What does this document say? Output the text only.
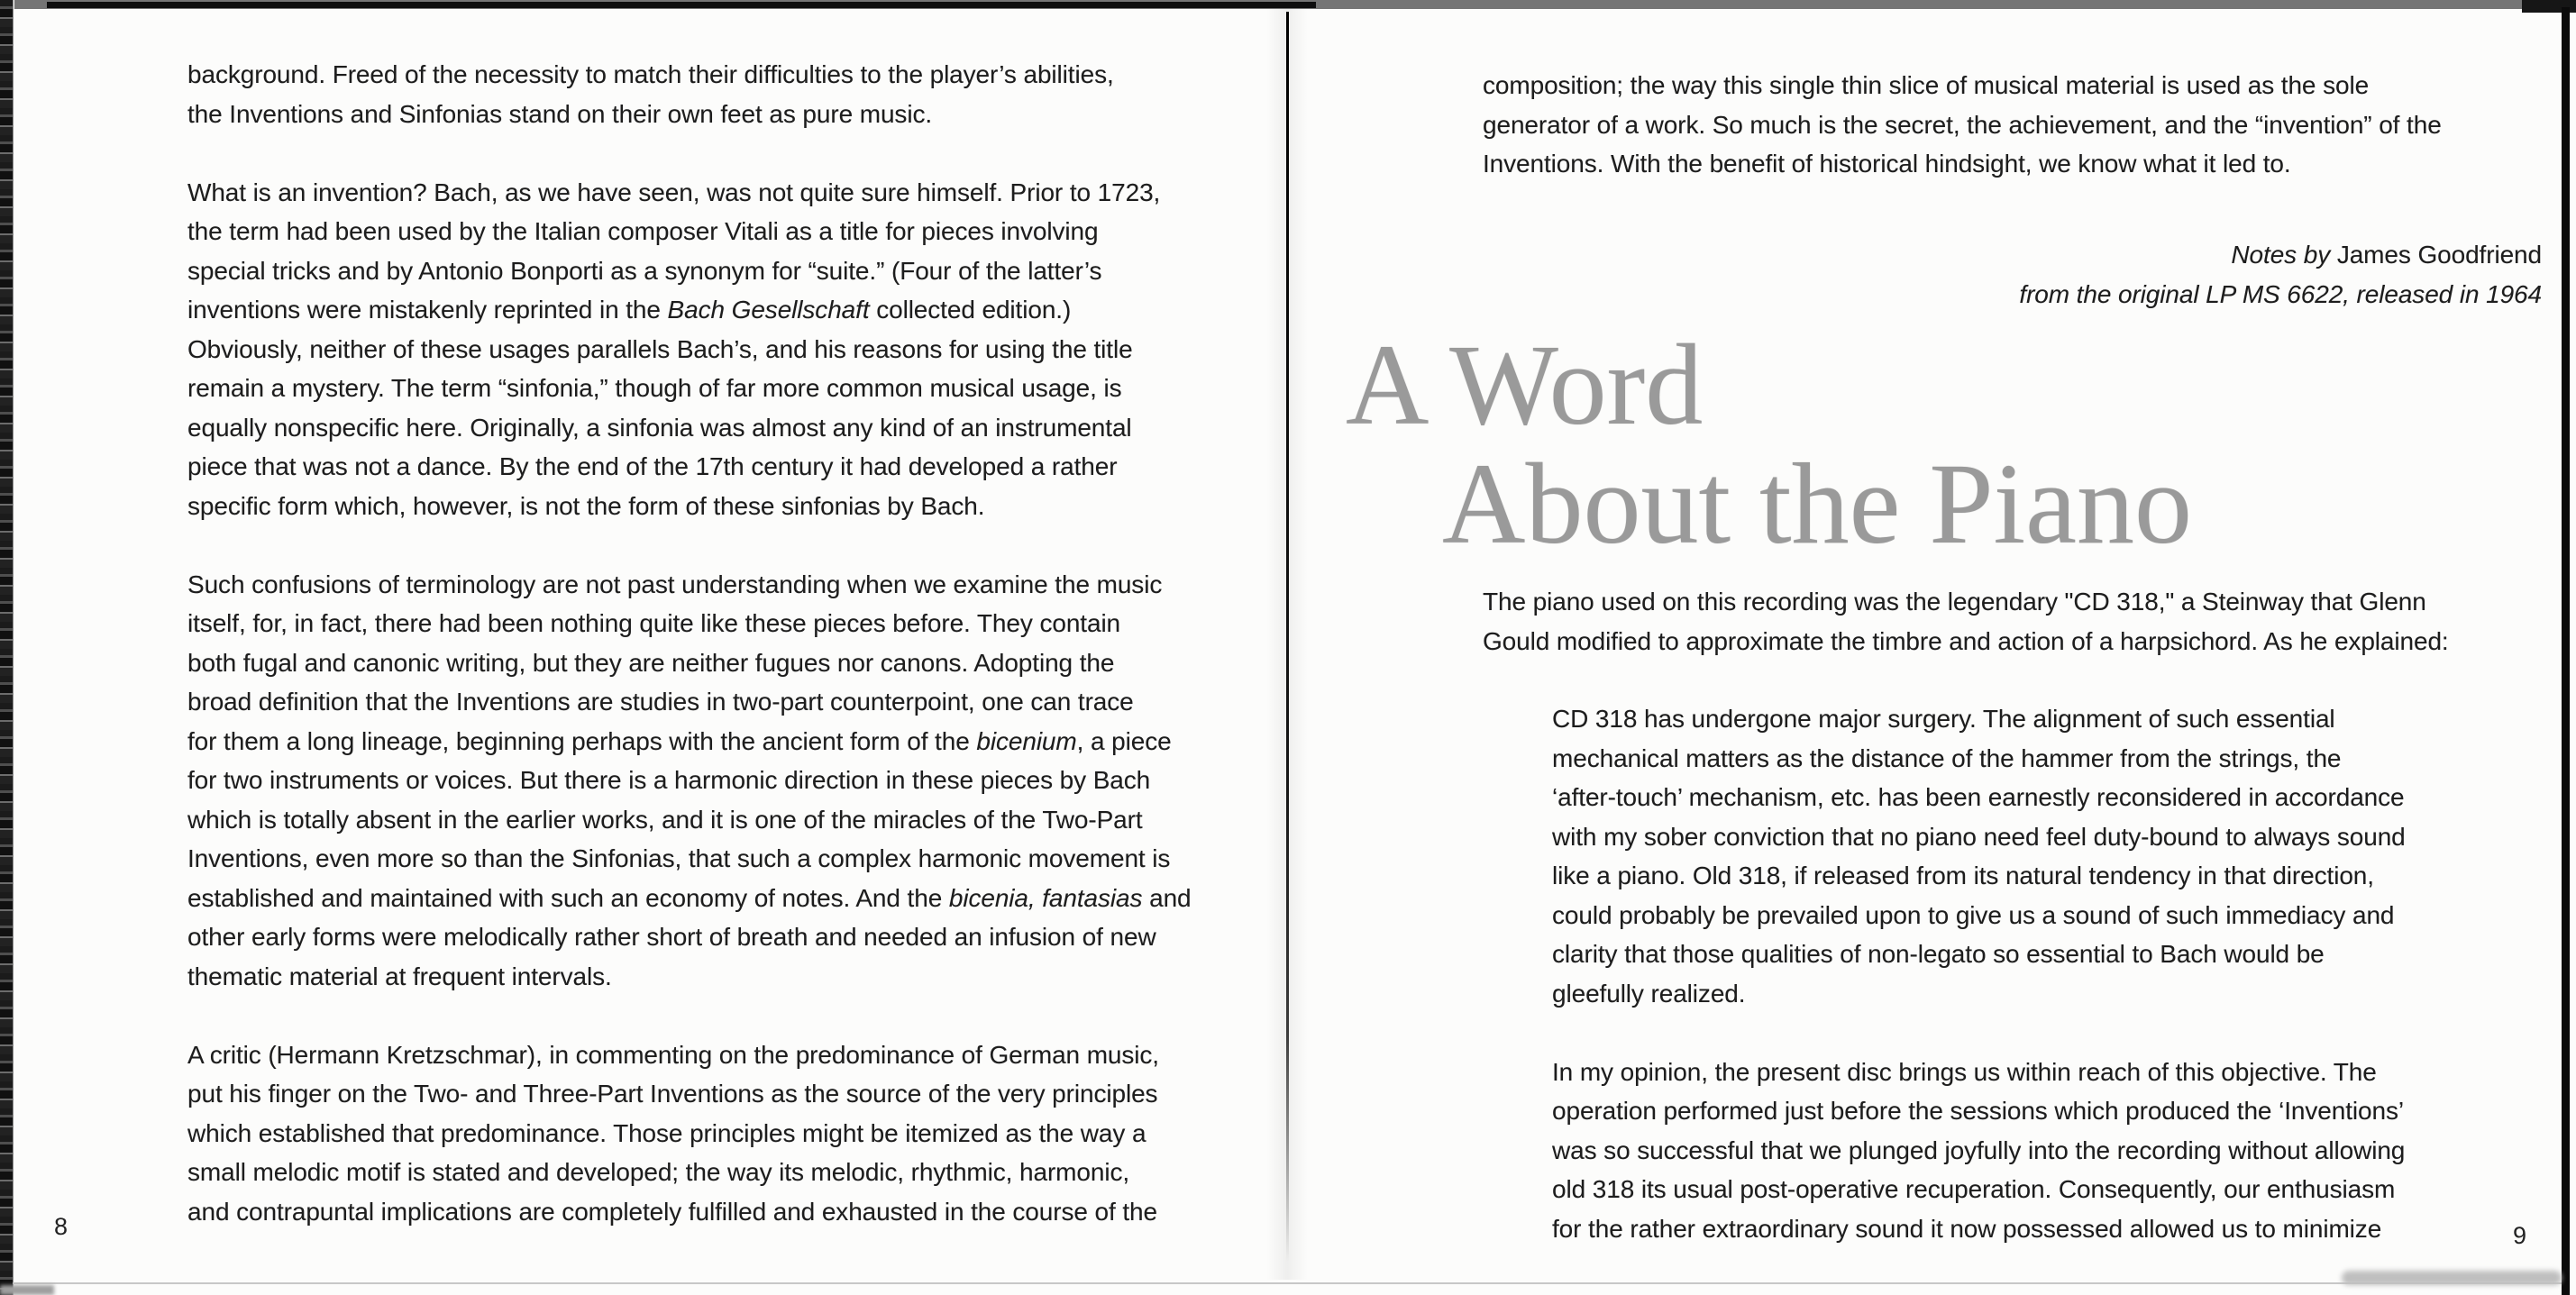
background. Freed of the necessity to match their difficulties to the player’s abilities,
the Inventions and Sinfonias stand on their own feet as pure music.
What is an invention? Bach, as we have seen, was not quite sure himself. Prior to 1723,
the term had been used by the Italian composer Vitali as a title for pieces involving
special tricks and by Antonio Bonporti as a synonym for “suite.” (Four of the latter’s
inventions were mistakenly reprinted in the Bach Gesellschaft collected edition.)
Obviously, neither of these usages parallels Bach’s, and his reasons for using the title
remain a mystery. The term “sinfonia,” though of far more common musical usage, is
equally nonspecific here. Originally, a sinfonia was almost any kind of an instrumental
piece that was not a dance. By the end of the 17th century it had developed a rather
specific form which, however, is not the form of these sinfonias by Bach.
Such confusions of terminology are not past understanding when we examine the music
itself, for, in fact, there had been nothing quite like these pieces before. They contain
both fugal and canonic writing, but they are neither fugues nor canons. Adopting the
broad definition that the Inventions are studies in two-part counterpoint, one can trace
for them a long lineage, beginning perhaps with the ancient form of the bicenium, a piece
for two instruments or voices. But there is a harmonic direction in these pieces by Bach
which is totally absent in the earlier works, and it is one of the miracles of the Two-Part
Inventions, even more so than the Sinfonias, that such a complex harmonic movement is
established and maintained with such an economy of notes. And the bicenia, fantasias and
other early forms were melodically rather short of breath and needed an infusion of new
thematic material at frequent intervals.
A critic (Hermann Kretzschmar), in commenting on the predominance of German music,
put his finger on the Two- and Three-Part Inventions as the source of the very principles
which established that predominance. Those principles might be itemized as the way a
small melodic motif is stated and developed; the way its melodic, rhythmic, harmonic,
and contrapuntal implications are completely fulfilled and exhausted in the course of the
8
composition; the way this single thin slice of musical material is used as the sole
generator of a work. So much is the secret, the achievement, and the “invention” of the
Inventions. With the benefit of historical hindsight, we know what it led to.
Notes by James Goodfriend
from the original LP MS 6622, released in 1964
A Word
About the Piano
The piano used on this recording was the legendary "CD 318," a Steinway that Glenn
Gould modified to approximate the timbre and action of a harpsichord. As he explained:
CD 318 has undergone major surgery. The alignment of such essential
mechanical matters as the distance of the hammer from the strings, the
‘after-touch’ mechanism, etc. has been earnestly reconsidered in accordance
with my sober conviction that no piano need feel duty-bound to always sound
like a piano. Old 318, if released from its natural tendency in that direction,
could probably be prevailed upon to give us a sound of such immediacy and
clarity that those qualities of non-legato so essential to Bach would be
gleefully realized.
In my opinion, the present disc brings us within reach of this objective. The
operation performed just before the sessions which produced the ‘Inventions’
was so successful that we plunged joyfully into the recording without allowing
old 318 its usual post-operative recuperation. Consequently, our enthusiasm
for the rather extraordinary sound it now possessed allowed us to minimize	9
